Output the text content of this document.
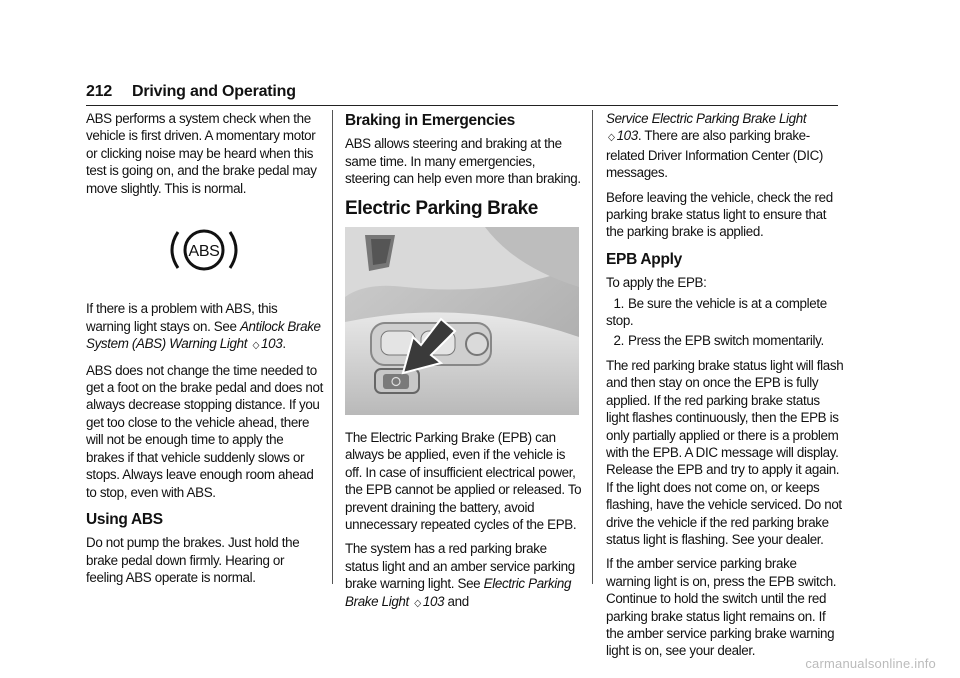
212 Driving and Operating

ABS performs a system check when the vehicle is first driven. A momentary motor or clicking noise may be heard when this test is going on, and the brake pedal may move slightly. This is normal.

ABS

If there is a problem with ABS, this warning light stays on. See Antilock Brake System (ABS) Warning Light ◇ 103.

ABS does not change the time needed to get a foot on the brake pedal and does not always decrease stopping distance. If you get too close to the vehicle ahead, there will not be enough time to apply the brakes if that vehicle suddenly slows or stops. Always leave enough room ahead to stop, even with ABS.

Using ABS

Do not pump the brakes. Just hold the brake pedal down firmly. Hearing or feeling ABS operate is normal.

Braking in Emergencies

ABS allows steering and braking at the same time. In many emergencies, steering can help even more than braking.

Electric Parking Brake

The Electric Parking Brake (EPB) can always be applied, even if the vehicle is off. In case of insufficient electrical power, the EPB cannot be applied or released. To prevent draining the battery, avoid unnecessary repeated cycles of the EPB.

The system has a red parking brake status light and an amber service parking brake warning light. See Electric Parking Brake Light ◇ 103 and

Service Electric Parking Brake Light ◇ 103. There are also parking brake-related Driver Information Center (DIC) messages.

Before leaving the vehicle, check the red parking brake status light to ensure that the parking brake is applied.

EPB Apply

To apply the EPB:

1. Be sure the vehicle is at a complete stop.
2. Press the EPB switch momentarily.

The red parking brake status light will flash and then stay on once the EPB is fully applied. If the red parking brake status light flashes continuously, then the EPB is only partially applied or there is a problem with the EPB. A DIC message will display. Release the EPB and try to apply it again. If the light does not come on, or keeps flashing, have the vehicle serviced. Do not drive the vehicle if the red parking brake status light is flashing. See your dealer.

If the amber service parking brake warning light is on, press the EPB switch. Continue to hold the switch until the red parking brake status light remains on. If the amber service parking brake warning light is on, see your dealer.

carmanualsonline.info
